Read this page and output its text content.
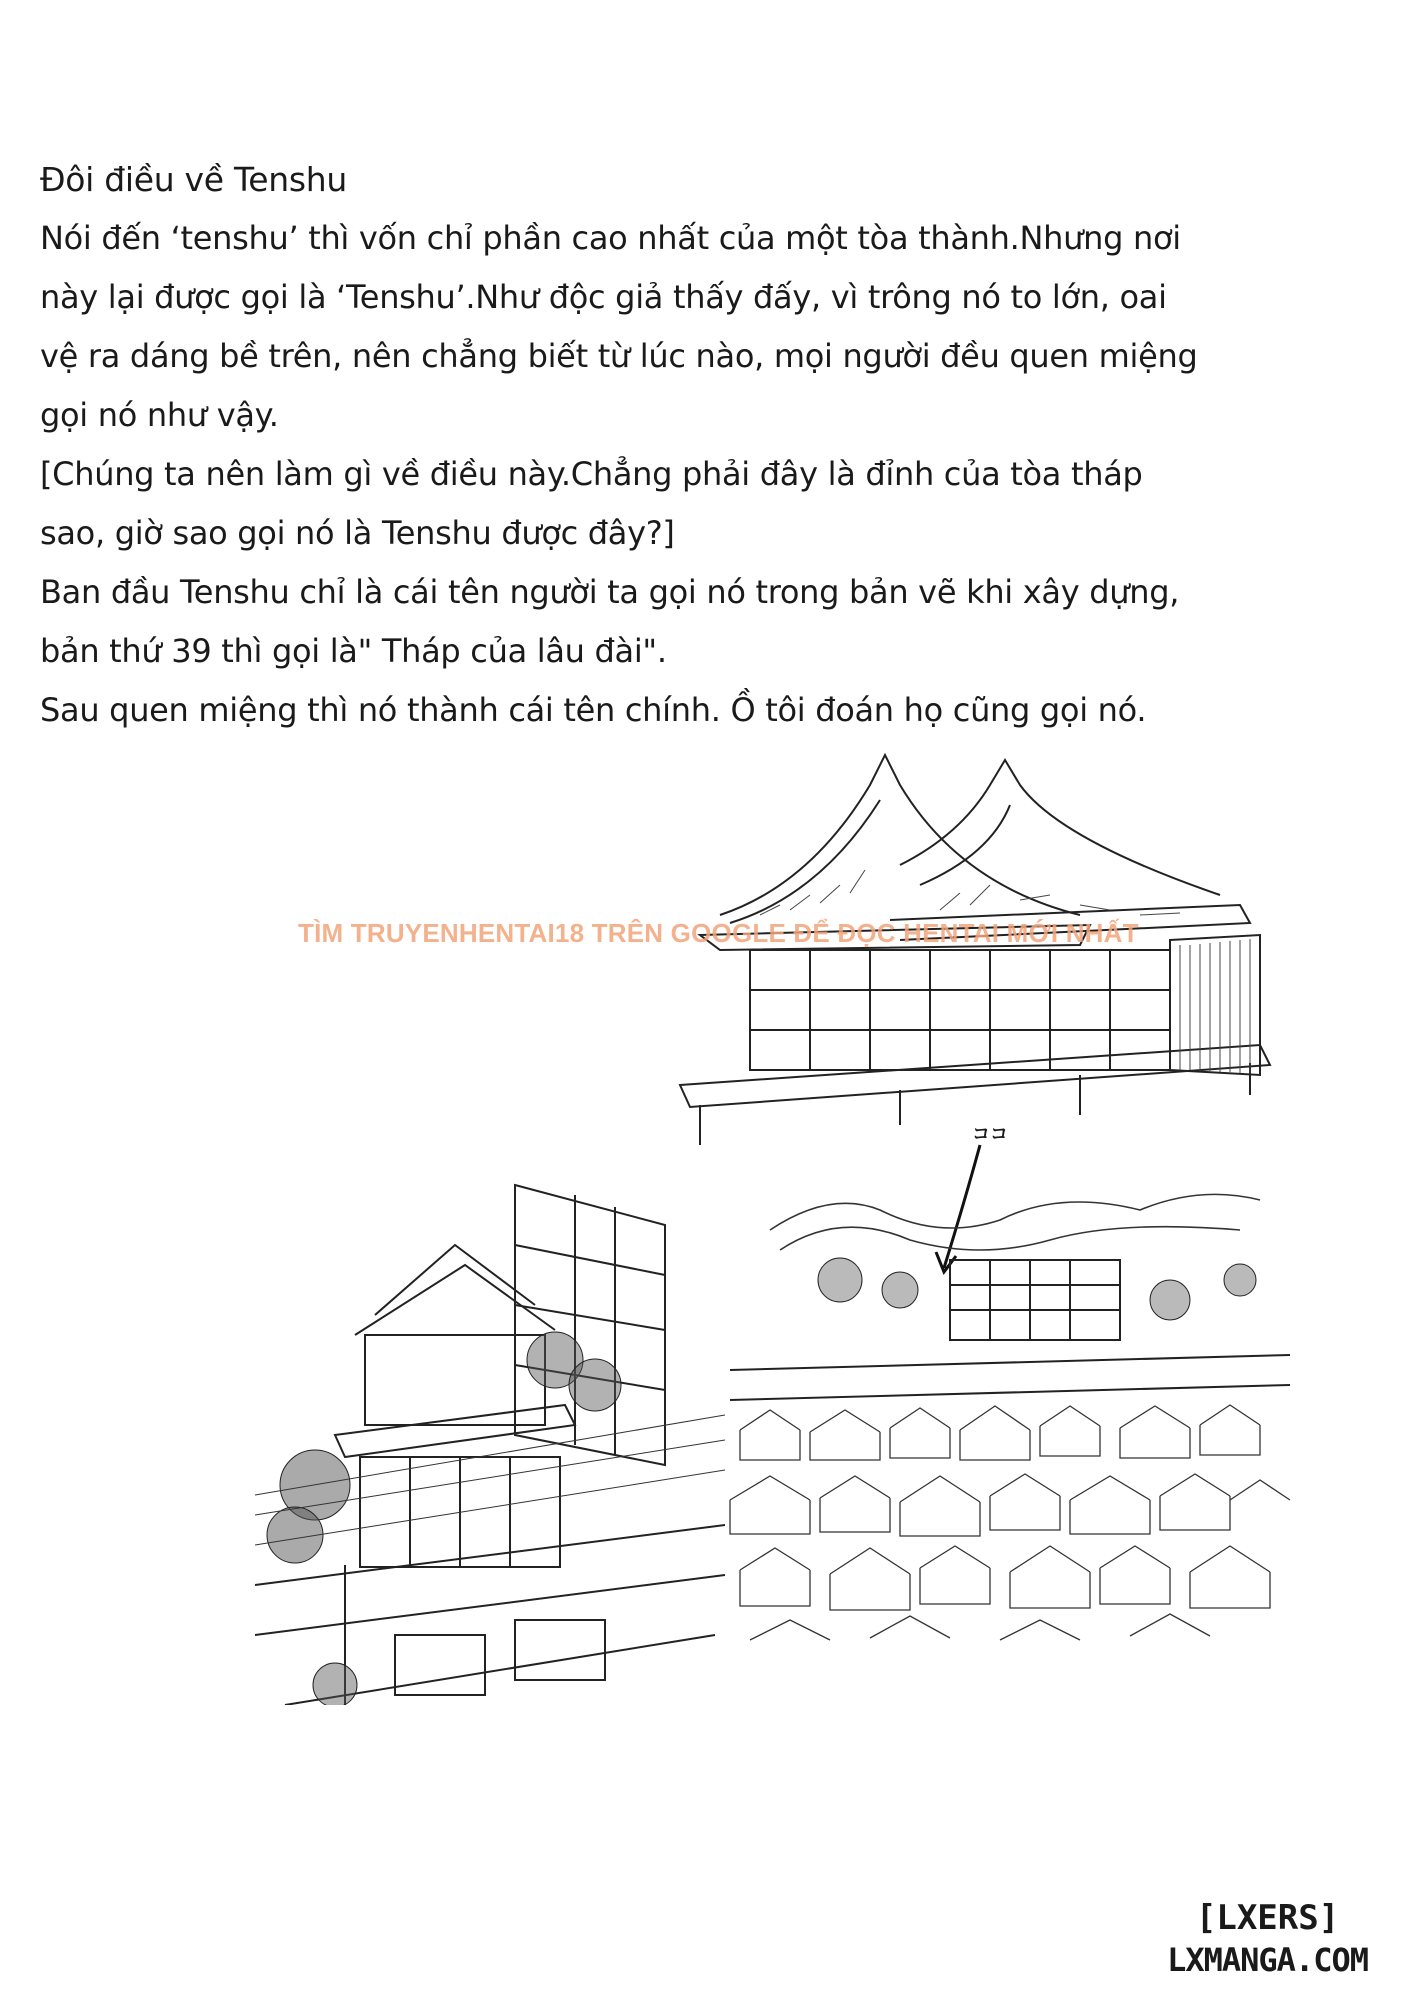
Đôi điều về Tenshu
Nói đến ‘tenshu’ thì vốn chỉ phần cao nhất của một tòa thành.Nhưng nơi
này lại được gọi là ‘Tenshu’.Như độc giả thấy đấy, vì trông nó to lớn, oai
vệ ra dáng bề trên, nên chẳng biết từ lúc nào, mọi người đều quen miệng
gọi nó như vậy.
[Chúng ta nên làm gì về điều này.Chẳng phải đây là đỉnh của tòa tháp
sao, giờ sao gọi nó là Tenshu được đây?]
Ban đầu Tenshu chỉ là cái tên người ta gọi nó trong bản vẽ khi xây dựng,
bản thứ 39 thì gọi là" Tháp của lâu đài".
Sau quen miệng thì nó thành cái tên chính. Ồ tôi đoán họ cũng gọi nó.
ココ
TÌM TRUYENHENTAI18 TRÊN GOOGLE ĐỂ ĐỌC HENTAI MỚI NHẤT
[LXERS]
LXMANGA.COM
